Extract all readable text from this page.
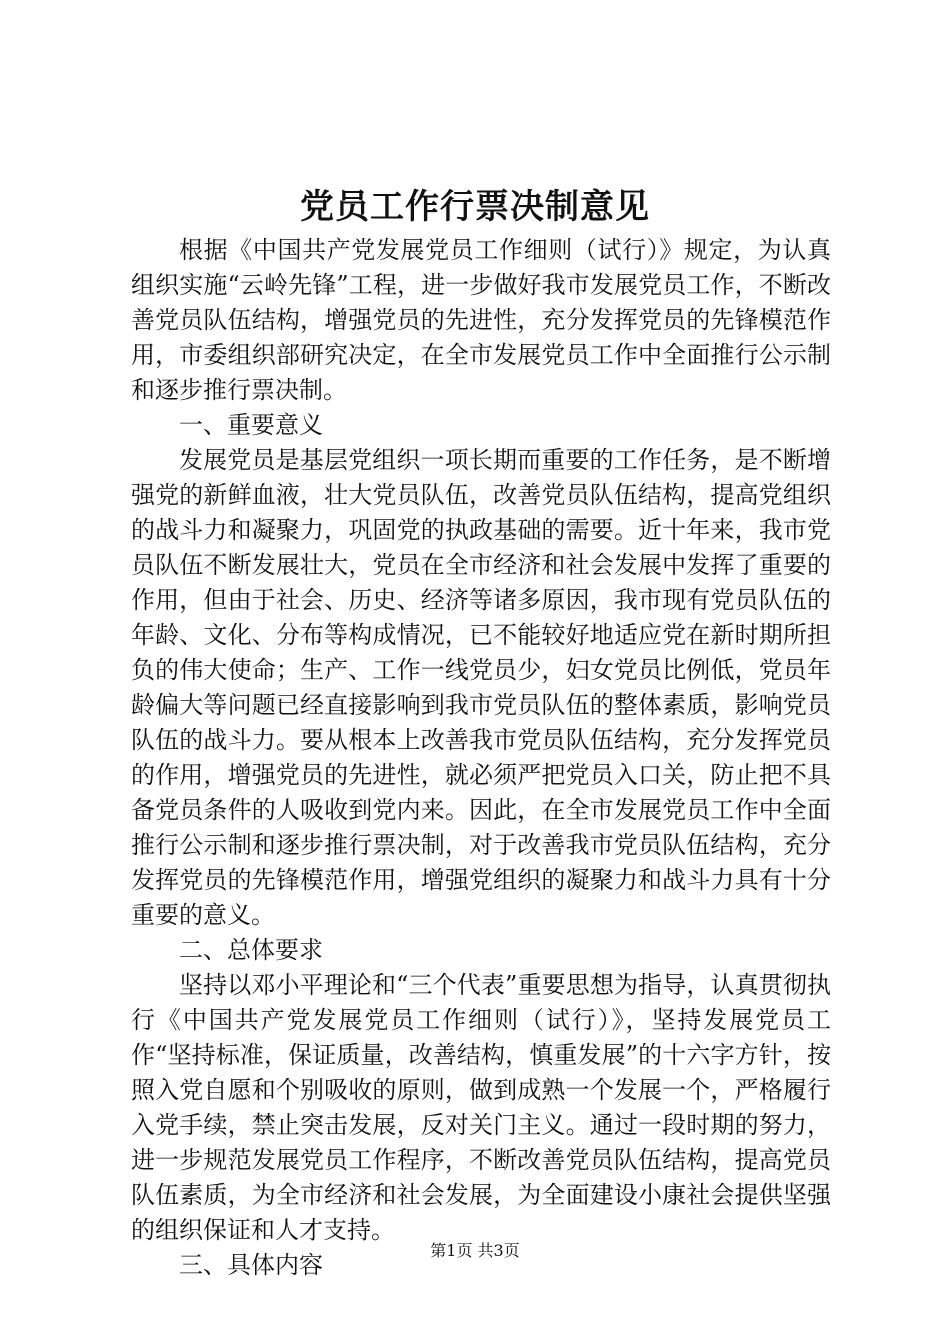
党员工作行票决制意见

根据《中国共产党发展党员工作细则（试行）》规定，为认真组织实施“云岭先锋”工程，进一步做好我市发展党员工作，不断改善党员队伍结构，增强党员的先进性，充分发挥党员的先锋模范作用，市委组织部研究决定，在全市发展党员工作中全面推行公示制和逐步推行票决制。

一、重要意义

发展党员是基层党组织一项长期而重要的工作任务，是不断增强党的新鲜血液，壮大党员队伍，改善党员队伍结构，提高党组织的战斗力和凝聚力，巩固党的执政基础的需要。近十年来，我市党员队伍不断发展壮大，党员在全市经济和社会发展中发挥了重要的作用，但由于社会、历史、经济等诸多原因，我市现有党员队伍的年龄、文化、分布等构成情况，已不能较好地适应党在新时期所担负的伟大使命；生产、工作一线党员少，妇女党员比例低，党员年龄偏大等问题已经直接影响到我市党员队伍的整体素质，影响党员队伍的战斗力。要从根本上改善我市党员队伍结构，充分发挥党员的作用，增强党员的先进性，就必须严把党员入口关，防止把不具备党员条件的人吸收到党内来。因此，在全市发展党员工作中全面推行公示制和逐步推行票决制，对于改善我市党员队伍结构，充分发挥党员的先锋模范作用，增强党组织的凝聚力和战斗力具有十分重要的意义。

二、总体要求

坚持以邓小平理论和“三个代表”重要思想为指导，认真贯彻执行《中国共产党发展党员工作细则（试行）》，坚持发展党员工作“坚持标准，保证质量，改善结构，慎重发展”的十六字方针，按照入党自愿和个别吸收的原则，做到成熟一个发展一个，严格履行入党手续，禁止突击发展，反对关门主义。通过一段时期的努力，进一步规范发展党员工作程序，不断改善党员队伍结构，提高党员队伍素质，为全市经济和社会发展，为全面建设小康社会提供坚强的组织保证和人才支持。

三、具体内容

第1页 共3页
